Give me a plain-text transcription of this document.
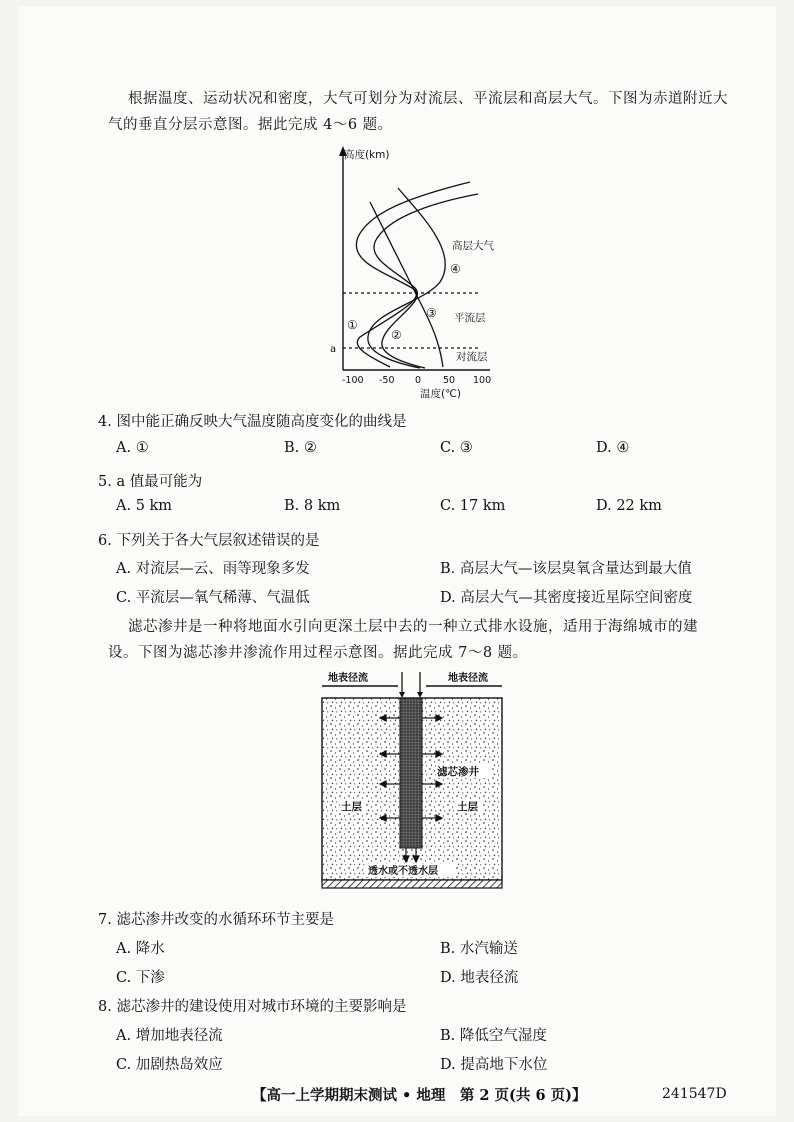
根据温度、运动状况和密度，大气可划分为对流层、平流层和高层大气。下图为赤道附近大
气的垂直分层示意图。据此完成 4～6 题。
高度(km)
高层大气
④
③ 平流层
①
②
a
对流层
-100 -50 0 50 100
温度(℃)
4. 图中能正确反映大气温度随高度变化的曲线是
A. ①	B. ②	C. ③	D. ④
5. a 值最可能为
A. 5 km	B. 8 km	C. 17 km	D. 22 km
6. 下列关于各大气层叙述错误的是
A. 对流层—云、雨等现象多发	B. 高层大气—该层臭氧含量达到最大值
C. 平流层—氧气稀薄、气温低	D. 高层大气—其密度接近星际空间密度
滤芯渗井是一种将地面水引向更深土层中去的一种立式排水设施，适用于海绵城市的建
设。下图为滤芯渗井渗流作用过程示意图。据此完成 7～8 题。
地表径流	地表径流
滤芯渗井
土层	土层
透水或不透水层
7. 滤芯渗井改变的水循环环节主要是
A. 降水	B. 水汽输送
C. 下渗	D. 地表径流
8. 滤芯渗井的建设使用对城市环境的主要影响是
A. 增加地表径流	B. 降低空气湿度
C. 加剧热岛效应	D. 提高地下水位
【高一上学期期末测试 • 地理　第 2 页(共 6 页)】	241547D
